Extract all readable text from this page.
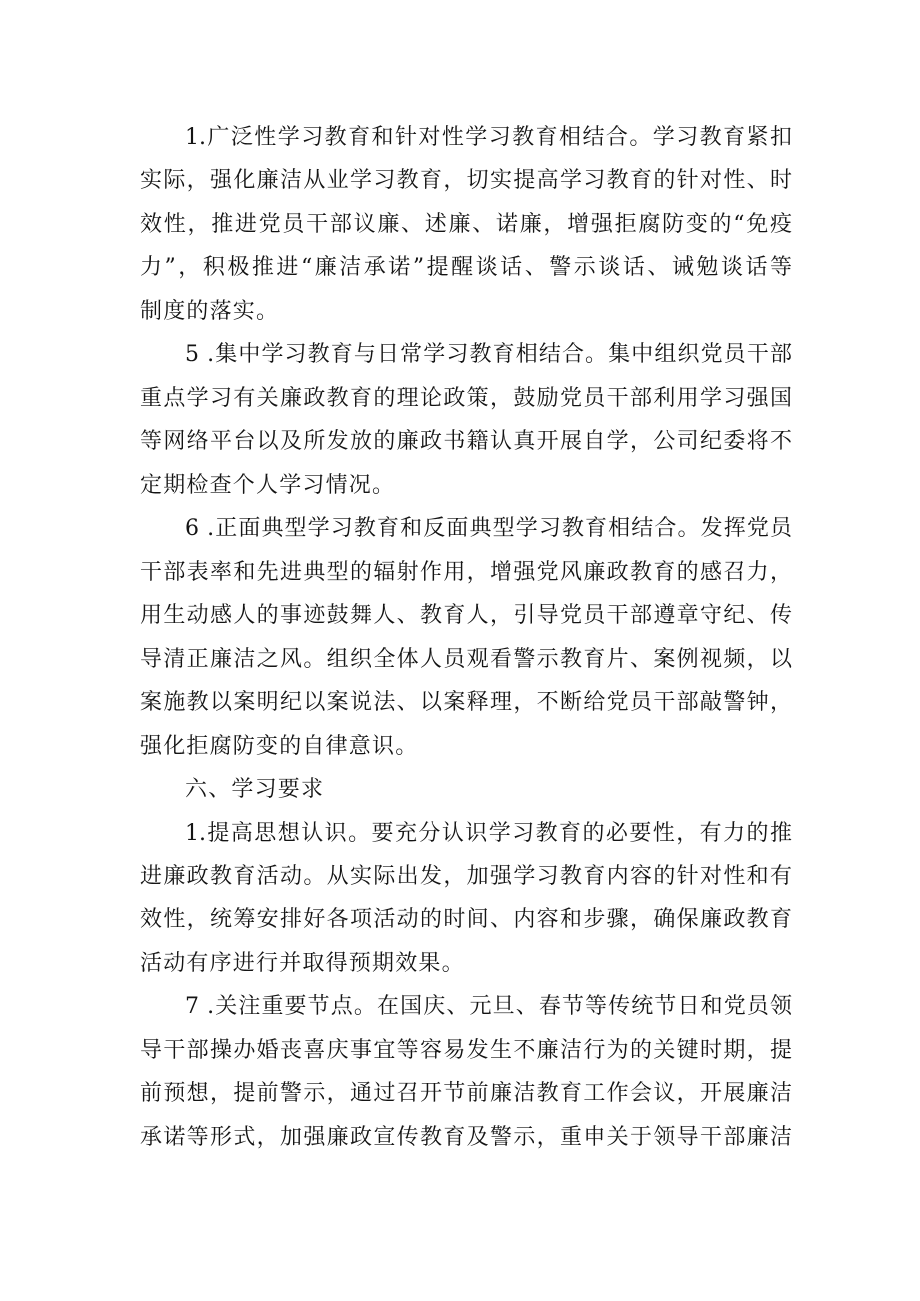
1.广泛性学习教育和针对性学习教育相结合。学习教育紧扣
实际，强化廉洁从业学习教育，切实提高学习教育的针对性、时
效性，推进党员干部议廉、述廉、诺廉，增强拒腐防变的“免疫
力”，积极推进“廉洁承诺”提醒谈话、警示谈话、诫勉谈话等
制度的落实。
5 .集中学习教育与日常学习教育相结合。集中组织党员干部
重点学习有关廉政教育的理论政策，鼓励党员干部利用学习强国
等网络平台以及所发放的廉政书籍认真开展自学，公司纪委将不
定期检查个人学习情况。
6 .正面典型学习教育和反面典型学习教育相结合。发挥党员
干部表率和先进典型的辐射作用，增强党风廉政教育的感召力，
用生动感人的事迹鼓舞人、教育人，引导党员干部遵章守纪、传
导清正廉洁之风。组织全体人员观看警示教育片、案例视频，以
案施教以案明纪以案说法、以案释理，不断给党员干部敲警钟，
强化拒腐防变的自律意识。
六、学习要求
1.提高思想认识。要充分认识学习教育的必要性，有力的推
进廉政教育活动。从实际出发，加强学习教育内容的针对性和有
效性，统筹安排好各项活动的时间、内容和步骤，确保廉政教育
活动有序进行并取得预期效果。
7 .关注重要节点。在国庆、元旦、春节等传统节日和党员领
导干部操办婚丧喜庆事宜等容易发生不廉洁行为的关键时期，提
前预想，提前警示，通过召开节前廉洁教育工作会议，开展廉洁
承诺等形式，加强廉政宣传教育及警示，重申关于领导干部廉洁
